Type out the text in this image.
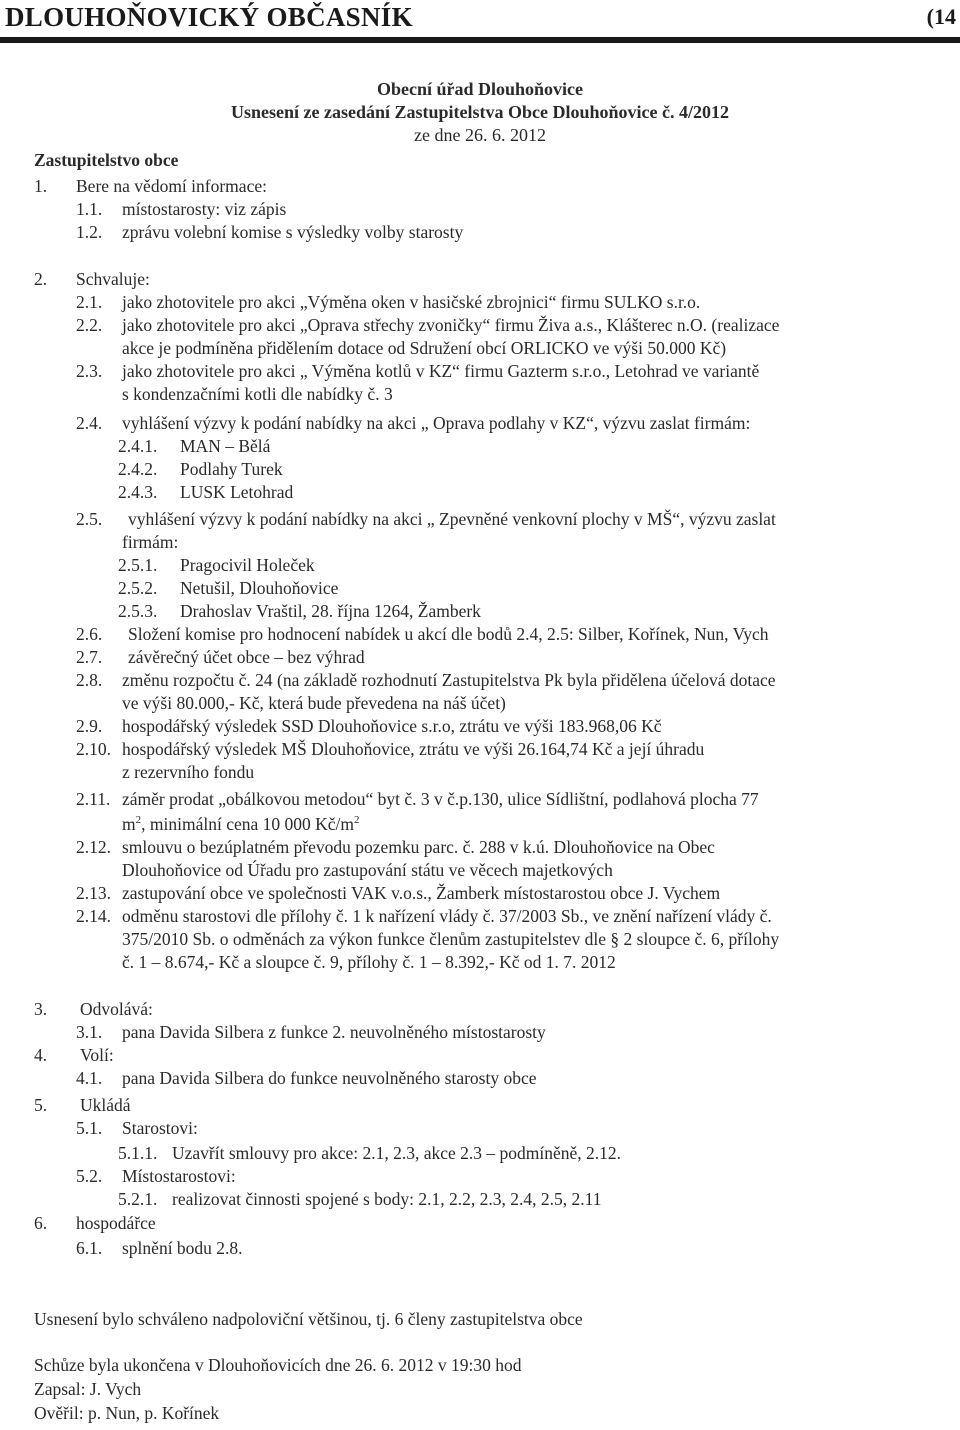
DLOUHOŇOVICKÝ OBČASNÍK	(14
Obecní úřad Dlouhoňovice
Usnesení ze zasedání Zastupitelstva Obce Dlouhoňovice č. 4/2012
ze dne 26. 6. 2012
Zastupitelstvo obce
1. Bere na vědomí informace:
1.1. místostarosty: viz zápis
1.2. zprávu volební komise s výsledky volby starosty
2. Schvaluje:
2.1. jako zhotovitele pro akci „Výměna oken v hasičské zbrojnici“ firmu SULKO s.r.o.
2.2. jako zhotovitele pro akci „Oprava střechy zvoničky“ firmu Živa a.s., Klášterec n.O. (realizace
akce je podmíněna přidělením dotace od Sdružení obcí ORLICKO ve výši 50.000 Kč)
2.3. jako zhotovitele pro akci „ Výměna kotlů v KZ“ firmu Gazterm s.r.o., Letohrad ve variantě
s kondenzačními kotli dle nabídky č. 3
2.4. vyhlášení výzvy k podání nabídky na akci „ Oprava podlahy v KZ“, výzvu zaslat firmám:
2.4.1. MAN – Bělá
2.4.2. Podlahy Turek
2.4.3. LUSK Letohrad
2.5. vyhlášení výzvy k podání nabídky na akci „ Zpevněné venkovní plochy v MŠ“, výzvu zaslat
firmám:
2.5.1. Pragocivil Holeček
2.5.2. Netušil, Dlouhoňovice
2.5.3. Drahoslav Vraštil, 28. října 1264, Žamberk
2.6. Složení komise pro hodnocení nabídek u akcí dle bodů 2.4, 2.5: Silber, Kořínek, Nun, Vych
2.7. závěrečný účet obce – bez výhrad
2.8. změnu rozpočtu č. 24 (na základě rozhodnutí Zastupitelstva Pk byla přidělena účelová dotace
ve výši 80.000,- Kč, která bude převedena na náš účet)
2.9. hospodářský výsledek SSD Dlouhoňovice s.r.o, ztrátu ve výši 183.968,06 Kč
2.10. hospodářský výsledek MŠ Dlouhoňovice, ztrátu ve výši 26.164,74 Kč a její úhradu
z rezervního fondu
2.11. záměr prodat „obálkovou metodou“ byt č. 3 v č.p.130, ulice Sídlištní, podlahová plocha 77
$m^2$, minimální cena 10 000 $Kč/m^2$
2.12. smlouvu o bezúplatném převodu pozemku parc. č. 288 v k.ú. Dlouhoňovice na Obec
Dlouhoňovice od Úřadu pro zastupování státu ve věcech majetkových
2.13. zastupování obce ve společnosti VAK v.o.s., Žamberk místostarostou obce J. Vychem
2.14. odměnu starostovi dle přílohy č. 1 k nařízení vlády č. 37/2003 Sb., ve znění nařízení vlády č.
375/2010 Sb. o odměnách za výkon funkce členům zastupitelstev dle § 2 sloupce č. 6, přílohy
č. 1 – 8.674,- Kč a sloupce č. 9, přílohy č. 1 – 8.392,- Kč od 1. 7. 2012
3. Odvolává:
3.1. pana Davida Silbera z funkce 2. neuvolněného místostarosty
4. Volí:
4.1. pana Davida Silbera do funkce neuvolněného starosty obce
5. Ukládá
5.1. Starostovi:
5.1.1. Uzavřít smlouvy pro akce: 2.1, 2.3, akce 2.3 – podmíněně, 2.12.
5.2. Místostarostovi:
5.2.1. realizovat činnosti spojené s body: 2.1, 2.2, 2.3, 2.4, 2.5, 2.11
6. hospodářce
6.1. splnění bodu 2.8.
Usnesení bylo schváleno nadpoloviční většinou, tj. 6 členy zastupitelstva obce
Schůze byla ukončena v Dlouhoňovicích dne 26. 6. 2012 v 19:30 hod
Zapsal: J. Vych
Ověřil: p. Nun, p. Kořínek
